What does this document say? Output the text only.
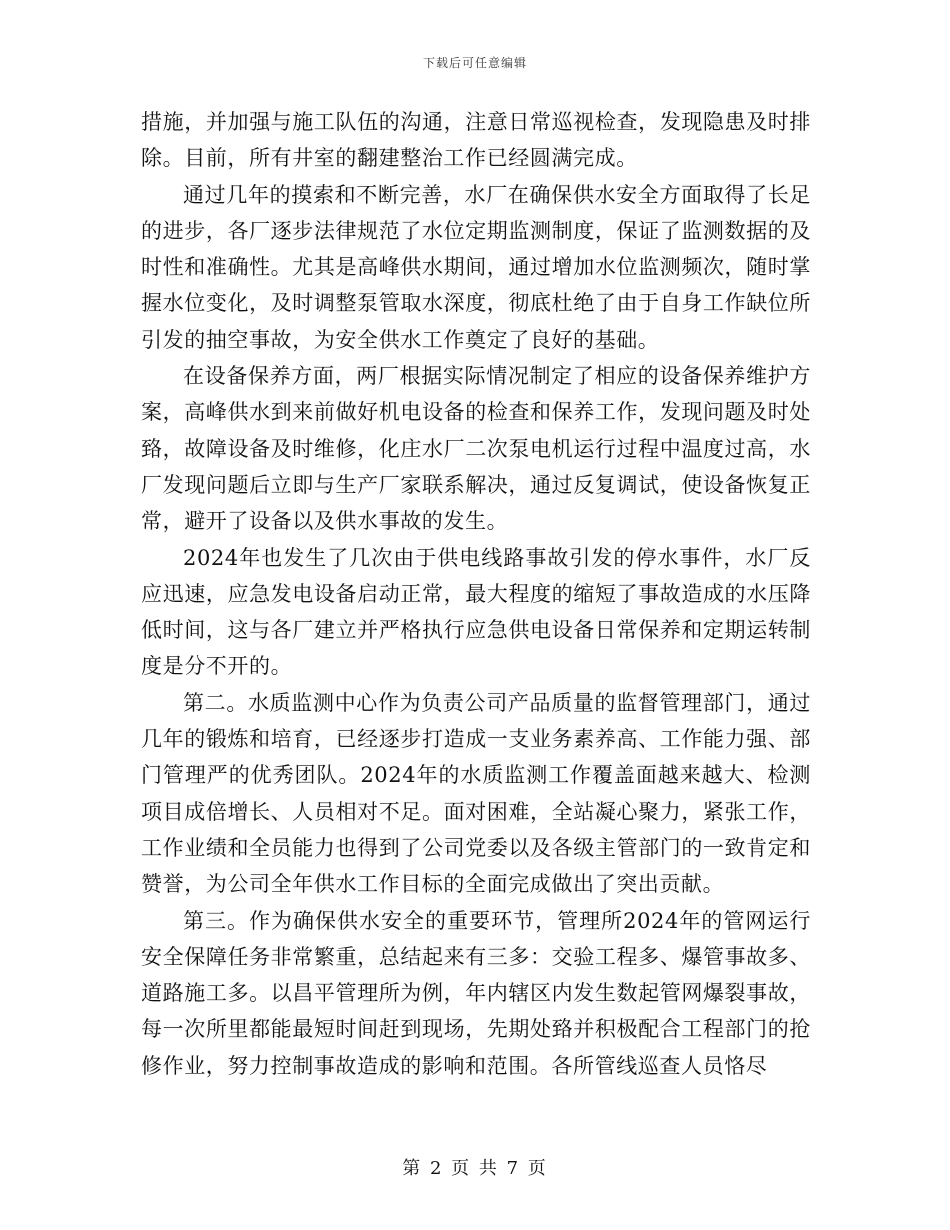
下载后可任意编辑

措施，并加强与施工队伍的沟通，注意日常巡视检查，发现隐患及时排除。目前，所有井室的翻建整治工作已经圆满完成。

通过几年的摸索和不断完善，水厂在确保供水安全方面取得了长足的进步，各厂逐步法律规范了水位定期监测制度，保证了监测数据的及时性和准确性。尤其是高峰供水期间，通过增加水位监测频次，随时掌握水位变化，及时调整泵管取水深度，彻底杜绝了由于自身工作缺位所引发的抽空事故，为安全供水工作奠定了良好的基础。

在设备保养方面，两厂根据实际情况制定了相应的设备保养维护方案，高峰供水到来前做好机电设备的检查和保养工作，发现问题及时处臵，故障设备及时维修，化庄水厂二次泵电机运行过程中温度过高，水厂发现问题后立即与生产厂家联系解决，通过反复调试，使设备恢复正常，避开了设备以及供水事故的发生。

2024年也发生了几次由于供电线路事故引发的停水事件，水厂反应迅速，应急发电设备启动正常，最大程度的缩短了事故造成的水压降低时间，这与各厂建立并严格执行应急供电设备日常保养和定期运转制度是分不开的。

第二。水质监测中心作为负责公司产品质量的监督管理部门，通过几年的锻炼和培育，已经逐步打造成一支业务素养高、工作能力强、部门管理严的优秀团队。2024年的水质监测工作覆盖面越来越大、检测项目成倍增长、人员相对不足。面对困难，全站凝心聚力，紧张工作，工作业绩和全员能力也得到了公司党委以及各级主管部门的一致肯定和赞誉，为公司全年供水工作目标的全面完成做出了突出贡献。

第三。作为确保供水安全的重要环节，管理所2024年的管网运行安全保障任务非常繁重，总结起来有三多：交验工程多、爆管事故多、道路施工多。以昌平管理所为例，年内辖区内发生数起管网爆裂事故，每一次所里都能最短时间赶到现场，先期处臵并积极配合工程部门的抢修作业，努力控制事故造成的影响和范围。各所管线巡查人员恪尽

第 2 页 共 7 页
